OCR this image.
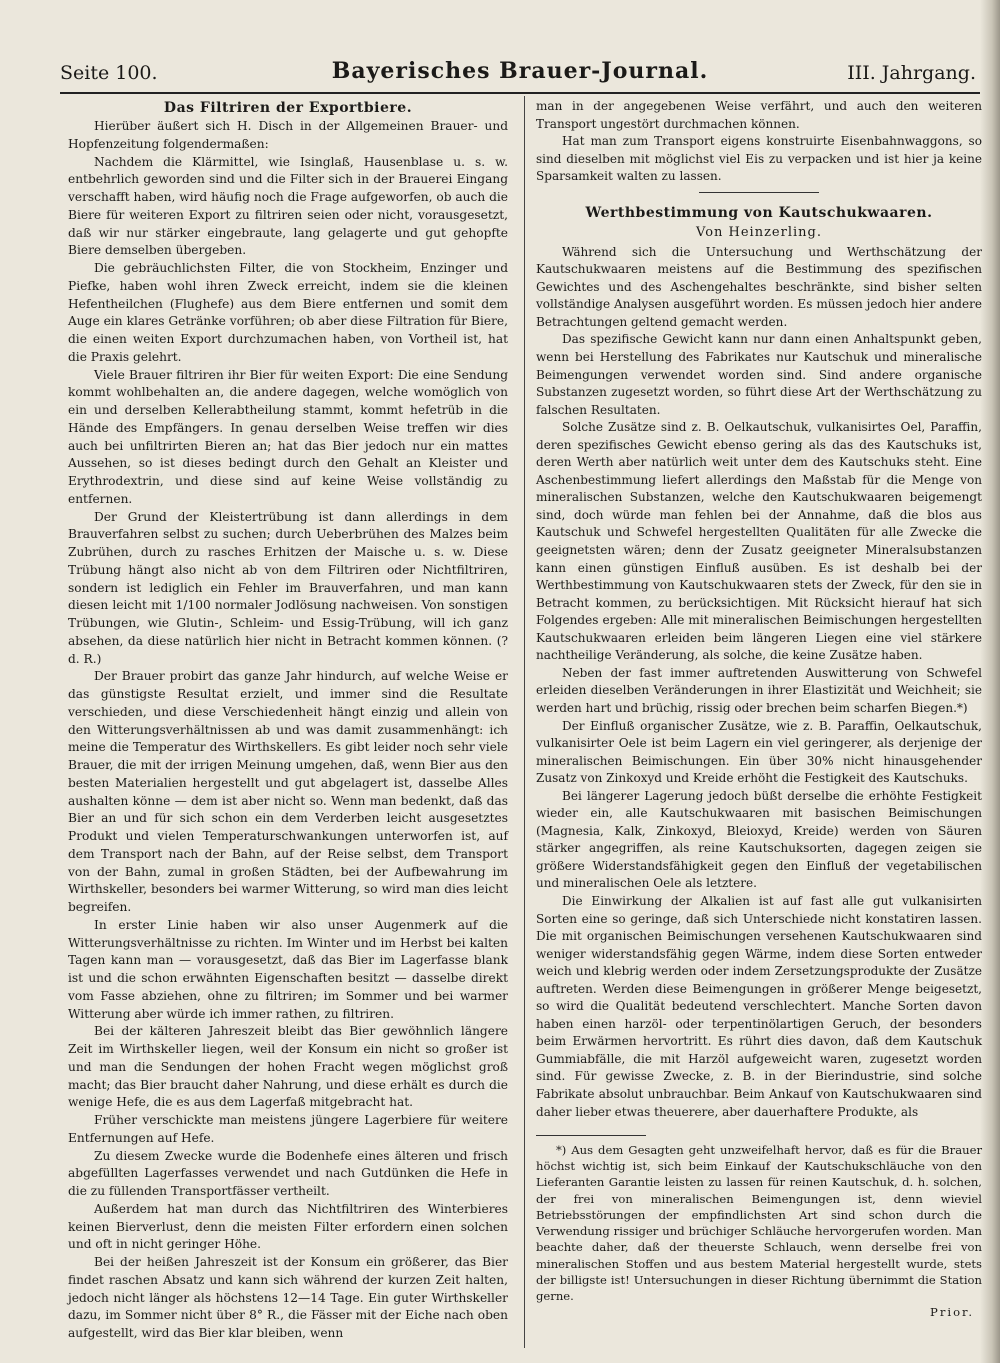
Seite 100.	Bayerisches Brauer-Journal.	III. Jahrgang.
Das Filtriren der Exportbiere.

Hierüber äußert sich H. Disch in der Allgemeinen Brauer- und Hopfenzeitung folgendermaßen:

Nachdem die Klärmittel, wie Isinglaß, Hausenblase u. s. w. entbehrlich geworden sind und die Filter sich in der Brauerei Eingang verschafft haben, wird häufig noch die Frage aufgeworfen, ob auch die Biere für weiteren Export zu filtriren seien oder nicht, vorausgesetzt, daß wir nur stärker eingebraute, lang gelagerte und gut gehopfte Biere demselben übergeben.

Die gebräuchlichsten Filter, die von Stockheim, Enzinger und Piefke, haben wohl ihren Zweck erreicht, indem sie die kleinen Hefentheilchen (Flughefe) aus dem Biere entfernen und somit dem Auge ein klares Getränke vorführen; ob aber diese Filtration für Biere, die einen weiten Export durchzumachen haben, von Vortheil ist, hat die Praxis gelehrt.

Viele Brauer filtriren ihr Bier für weiten Export: Die eine Sendung kommt wohlbehalten an, die andere dagegen, welche womöglich von ein und derselben Kellerabtheilung stammt, kommt hefetrüb in die Hände des Empfängers. In genau derselben Weise treffen wir dies auch bei unfiltrirten Bieren an; hat das Bier jedoch nur ein mattes Aussehen, so ist dieses bedingt durch den Gehalt an Kleister und Erythrodextrin, und diese sind auf keine Weise vollständig zu entfernen.

Der Grund der Kleistertrübung ist dann allerdings in dem Brauverfahren selbst zu suchen; durch Ueberbrühen des Malzes beim Zubrühen, durch zu rasches Erhitzen der Maische u. s. w. Diese Trübung hängt also nicht ab von dem Filtriren oder Nichtfiltriren, sondern ist lediglich ein Fehler im Brauverfahren, und man kann diesen leicht mit 1/100 normaler Jodlösung nachweisen. Von sonstigen Trübungen, wie Glutin-, Schleim- und Essig-Trübung, will ich ganz absehen, da diese natürlich hier nicht in Betracht kommen können. (? d. R.)

Der Brauer probirt das ganze Jahr hindurch, auf welche Weise er das günstigste Resultat erzielt, und immer sind die Resultate verschieden, und diese Verschiedenheit hängt einzig und allein von den Witterungsverhältnissen ab und was damit zusammenhängt: ich meine die Temperatur des Wirthskellers. Es gibt leider noch sehr viele Brauer, die mit der irrigen Meinung umgehen, daß, wenn Bier aus den besten Materialien hergestellt und gut abgelagert ist, dasselbe Alles aushalten könne — dem ist aber nicht so. Wenn man bedenkt, daß das Bier an und für sich schon ein dem Verderben leicht ausgesetztes Produkt und vielen Temperaturschwankungen unterworfen ist, auf dem Transport nach der Bahn, auf der Reise selbst, dem Transport von der Bahn, zumal in großen Städten, bei der Aufbewahrung im Wirthskeller, besonders bei warmer Witterung, so wird man dies leicht begreifen.

In erster Linie haben wir also unser Augenmerk auf die Witterungsverhältnisse zu richten. Im Winter und im Herbst bei kalten Tagen kann man — vorausgesetzt, daß das Bier im Lagerfasse blank ist und die schon erwähnten Eigenschaften besitzt — dasselbe direkt vom Fasse abziehen, ohne zu filtriren; im Sommer und bei warmer Witterung aber würde ich immer rathen, zu filtriren.

Bei der kälteren Jahreszeit bleibt das Bier gewöhnlich längere Zeit im Wirthskeller liegen, weil der Konsum ein nicht so großer ist und man die Sendungen der hohen Fracht wegen möglichst groß macht; das Bier braucht daher Nahrung, und diese erhält es durch die wenige Hefe, die es aus dem Lagerfaß mitgebracht hat.

Früher verschickte man meistens jüngere Lagerbiere für weitere Entfernungen auf Hefe.

Zu diesem Zwecke wurde die Bodenhefe eines älteren und frisch abgefüllten Lagerfasses verwendet und nach Gutdünken die Hefe in die zu füllenden Transportfässer vertheilt.

Außerdem hat man durch das Nichtfiltriren des Winterbieres keinen Bierverlust, denn die meisten Filter erfordern einen solchen und oft in nicht geringer Höhe.

Bei der heißen Jahreszeit ist der Konsum ein größerer, das Bier findet raschen Absatz und kann sich während der kurzen Zeit halten, jedoch nicht länger als höchstens 12—14 Tage. Ein guter Wirthskeller dazu, im Sommer nicht über 8° R., die Fässer mit der Eiche nach oben aufgestellt, wird das Bier klar bleiben, wenn

man in der angegebenen Weise verfährt, und auch den weiteren Transport ungestört durchmachen können.

Hat man zum Transport eigens konstruirte Eisenbahnwaggons, so sind dieselben mit möglichst viel Eis zu verpacken und ist hier ja keine Sparsamkeit walten zu lassen.

Werthbestimmung von Kautschukwaaren.
Von Heinzerling.

Während sich die Untersuchung und Werthschätzung der Kautschukwaaren meistens auf die Bestimmung des spezifischen Gewichtes und des Aschengehaltes beschränkte, sind bisher selten vollständige Analysen ausgeführt worden. Es müssen jedoch hier andere Betrachtungen geltend gemacht werden.

Das spezifische Gewicht kann nur dann einen Anhaltspunkt geben, wenn bei Herstellung des Fabrikates nur Kautschuk und mineralische Beimengungen verwendet worden sind. Sind andere organische Substanzen zugesetzt worden, so führt diese Art der Werthschätzung zu falschen Resultaten.

Solche Zusätze sind z. B. Oelkautschuk, vulkanisirtes Oel, Paraffin, deren spezifisches Gewicht ebenso gering als das des Kautschuks ist, deren Werth aber natürlich weit unter dem des Kautschuks steht. Eine Aschenbestimmung liefert allerdings den Maßstab für die Menge von mineralischen Substanzen, welche den Kautschukwaaren beigemengt sind, doch würde man fehlen bei der Annahme, daß die blos aus Kautschuk und Schwefel hergestellten Qualitäten für alle Zwecke die geeignetsten wären; denn der Zusatz geeigneter Mineralsubstanzen kann einen günstigen Einfluß ausüben. Es ist deshalb bei der Werthbestimmung von Kautschukwaaren stets der Zweck, für den sie in Betracht kommen, zu berücksichtigen. Mit Rücksicht hierauf hat sich Folgendes ergeben: Alle mit mineralischen Beimischungen hergestellten Kautschukwaaren erleiden beim längeren Liegen eine viel stärkere nachtheilige Veränderung, als solche, die keine Zusätze haben.

Neben der fast immer auftretenden Auswitterung von Schwefel erleiden dieselben Veränderungen in ihrer Elastizität und Weichheit; sie werden hart und brüchig, rissig oder brechen beim scharfen Biegen.*)

Der Einfluß organischer Zusätze, wie z. B. Paraffin, Oelkautschuk, vulkanisirter Oele ist beim Lagern ein viel geringerer, als derjenige der mineralischen Beimischungen. Ein über 30% nicht hinausgehender Zusatz von Zinkoxyd und Kreide erhöht die Festigkeit des Kautschuks.

Bei längerer Lagerung jedoch büßt derselbe die erhöhte Festigkeit wieder ein, alle Kautschukwaaren mit basischen Beimischungen (Magnesia, Kalk, Zinkoxyd, Bleioxyd, Kreide) werden von Säuren stärker angegriffen, als reine Kautschuksorten, dagegen zeigen sie größere Widerstandsfähigkeit gegen den Einfluß der vegetabilischen und mineralischen Oele als letztere.

Die Einwirkung der Alkalien ist auf fast alle gut vulkanisirten Sorten eine so geringe, daß sich Unterschiede nicht konstatiren lassen. Die mit organischen Beimischungen versehenen Kautschukwaaren sind weniger widerstandsfähig gegen Wärme, indem diese Sorten entweder weich und klebrig werden oder indem Zersetzungsprodukte der Zusätze auftreten. Werden diese Beimengungen in größerer Menge beigesetzt, so wird die Qualität bedeutend verschlechtert. Manche Sorten davon haben einen harzöl- oder terpentinölartigen Geruch, der besonders beim Erwärmen hervortritt. Es rührt dies davon, daß dem Kautschuk Gummiabfälle, die mit Harzöl aufgeweicht waren, zugesetzt worden sind. Für gewisse Zwecke, z. B. in der Bierindustrie, sind solche Fabrikate absolut unbrauchbar. Beim Ankauf von Kautschukwaaren sind daher lieber etwas theuerere, aber dauerhaftere Produkte, als

*) Aus dem Gesagten geht unzweifelhaft hervor, daß es für die Brauer höchst wichtig ist, sich beim Einkauf der Kautschukschläuche von den Lieferanten Garantie leisten zu lassen für reinen Kautschuk, d. h. solchen, der frei von mineralischen Beimengungen ist, denn wieviel Betriebsstörungen der empfindlichsten Art sind schon durch die Verwendung rissiger und brüchiger Schläuche hervorgerufen worden. Man beachte daher, daß der theuerste Schlauch, wenn derselbe frei von mineralischen Stoffen und aus bestem Material hergestellt wurde, stets der billigste ist! Untersuchungen in dieser Richtung übernimmt die Station gerne.

Prior.
